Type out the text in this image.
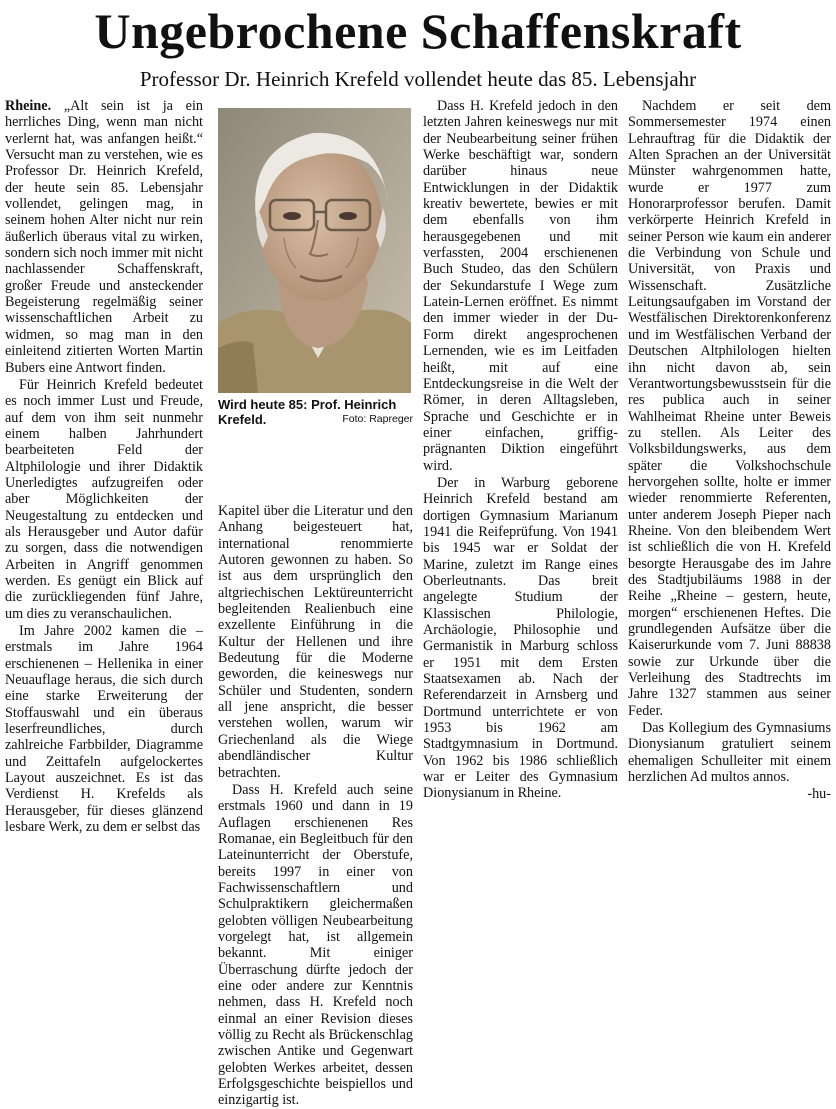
Ungebrochene Schaffenskraft
Professor Dr. Heinrich Krefeld vollendet heute das 85. Lebensjahr

Rheine. „Alt sein ist ja ein herrliches Ding, wenn man nicht verlernt hat, was anfangen heißt.“ Versucht man zu verstehen, wie es Professor Dr. Heinrich Krefeld, der heute sein 85. Lebensjahr vollendet, gelingen mag, in seinem hohen Alter nicht nur rein äußerlich überaus vital zu wirken, sondern sich noch immer mit nicht nachlassender Schaffenskraft, großer Freude und ansteckender Begeisterung regelmäßig seiner wissenschaftlichen Arbeit zu widmen, so mag man in den einleitend zitierten Worten Martin Bubers eine Antwort finden.

Für Heinrich Krefeld bedeutet es noch immer Lust und Freude, auf dem von ihm seit nunmehr einem halben Jahrhundert bearbeiteten Feld der Altphilologie und ihrer Didaktik Unerledigtes aufzugreifen oder aber Möglichkeiten der Neugestaltung zu entdecken und als Herausgeber und Autor dafür zu sorgen, dass die notwendigen Arbeiten in Angriff genommen werden. Es genügt ein Blick auf die zurückliegenden fünf Jahre, um dies zu veranschaulichen.

Im Jahre 2002 kamen die – erstmals im Jahre 1964 erschienenen – Hellenika in einer Neuauflage heraus, die sich durch eine starke Erweiterung der Stoffauswahl und ein überaus leserfreundliches, durch zahlreiche Farbbilder, Diagramme und Zeittafeln aufgelockertes Layout auszeichnet. Es ist das Verdienst H. Krefelds als Herausgeber, für dieses glänzend lesbare Werk, zu dem er selbst das

Wird heute 85: Prof. Heinrich Krefeld.	Foto: Rapreger

Kapitel über die Literatur und den Anhang beigesteuert hat, international renommierte Autoren gewonnen zu haben. So ist aus dem ursprünglich den altgriechischen Lektüreunterricht begleitenden Realienbuch eine exzellente Einführung in die Kultur der Hellenen und ihre Bedeutung für die Moderne geworden, die keineswegs nur Schüler und Studenten, sondern all jene anspricht, die besser verstehen wollen, warum wir Griechenland als die Wiege abendländischer Kultur betrachten.

Dass H. Krefeld auch seine erstmals 1960 und dann in 19 Auflagen erschienenen Res Romanae, ein Begleitbuch für den Lateinunterricht der Oberstufe, bereits 1997 in einer von Fachwissenschaftlern und Schulpraktikern gleichermaßen gelobten völligen Neubearbeitung vorgelegt hat, ist allgemein bekannt. Mit einiger Überraschung dürfte jedoch der eine oder andere zur Kenntnis nehmen, dass H. Krefeld noch einmal an einer Revision dieses völlig zu Recht als Brückenschlag zwischen Antike und Gegenwart gelobten Werkes arbeitet, dessen Erfolgsgeschichte beispiellos und einzigartig ist.

Dass H. Krefeld jedoch in den letzten Jahren keineswegs nur mit der Neubearbeitung seiner frühen Werke beschäftigt war, sondern darüber hinaus neue Entwicklungen in der Didaktik kreativ bewertete, bewies er mit dem ebenfalls von ihm herausgegebenen und mit verfassten, 2004 erschienenen Buch Studeo, das den Schülern der Sekundarstufe I Wege zum Latein-Lernen eröffnet. Es nimmt den immer wieder in der Du-Form direkt angesprochenen Lernenden, wie es im Leitfaden heißt, mit auf eine Entdeckungsreise in die Welt der Römer, in deren Alltagsleben, Sprache und Geschichte er in einer einfachen, griffig-prägnanten Diktion eingeführt wird.

Der in Warburg geborene Heinrich Krefeld bestand am dortigen Gymnasium Marianum 1941 die Reifeprüfung. Von 1941 bis 1945 war er Soldat der Marine, zuletzt im Range eines Oberleutnants. Das breit angelegte Studium der Klassischen Philologie, Archäologie, Philosophie und Germanistik in Marburg schloss er 1951 mit dem Ersten Staatsexamen ab. Nach der Referendarzeit in Arnsberg und Dortmund unterrichtete er von 1953 bis 1962 am Stadtgymnasium in Dortmund. Von 1962 bis 1986 schließlich war er Leiter des Gymnasium Dionysianum in Rheine.

Nachdem er seit dem Sommersemester 1974 einen Lehrauftrag für die Didaktik der Alten Sprachen an der Universität Münster wahrgenommen hatte, wurde er 1977 zum Honorarprofessor berufen. Damit verkörperte Heinrich Krefeld in seiner Person wie kaum ein anderer die Verbindung von Schule und Universität, von Praxis und Wissenschaft. Zusätzliche Leitungsaufgaben im Vorstand der Westfälischen Direktorenkonferenz und im Westfälischen Verband der Deutschen Altphilologen hielten ihn nicht davon ab, sein Verantwortungsbewusstsein für die res publica auch in seiner Wahlheimat Rheine unter Beweis zu stellen. Als Leiter des Volksbildungswerks, aus dem später die Volkshochschule hervorgehen sollte, holte er immer wieder renommierte Referenten, unter anderem Joseph Pieper nach Rheine. Von den bleibendem Wert ist schließlich die von H. Krefeld besorgte Herausgabe des im Jahre des Stadtjubiläums 1988 in der Reihe „Rheine – gestern, heute, morgen“ erschienenen Heftes. Die grundlegenden Aufsätze über die Kaiserurkunde vom 7. Juni 88838 sowie zur Urkunde über die Verleihung des Stadtrechts im Jahre 1327 stammen aus seiner Feder.

Das Kollegium des Gymnasiums Dionysianum gratuliert seinem ehemaligen Schulleiter mit einem herzlichen Ad multos annos.

-hu-
